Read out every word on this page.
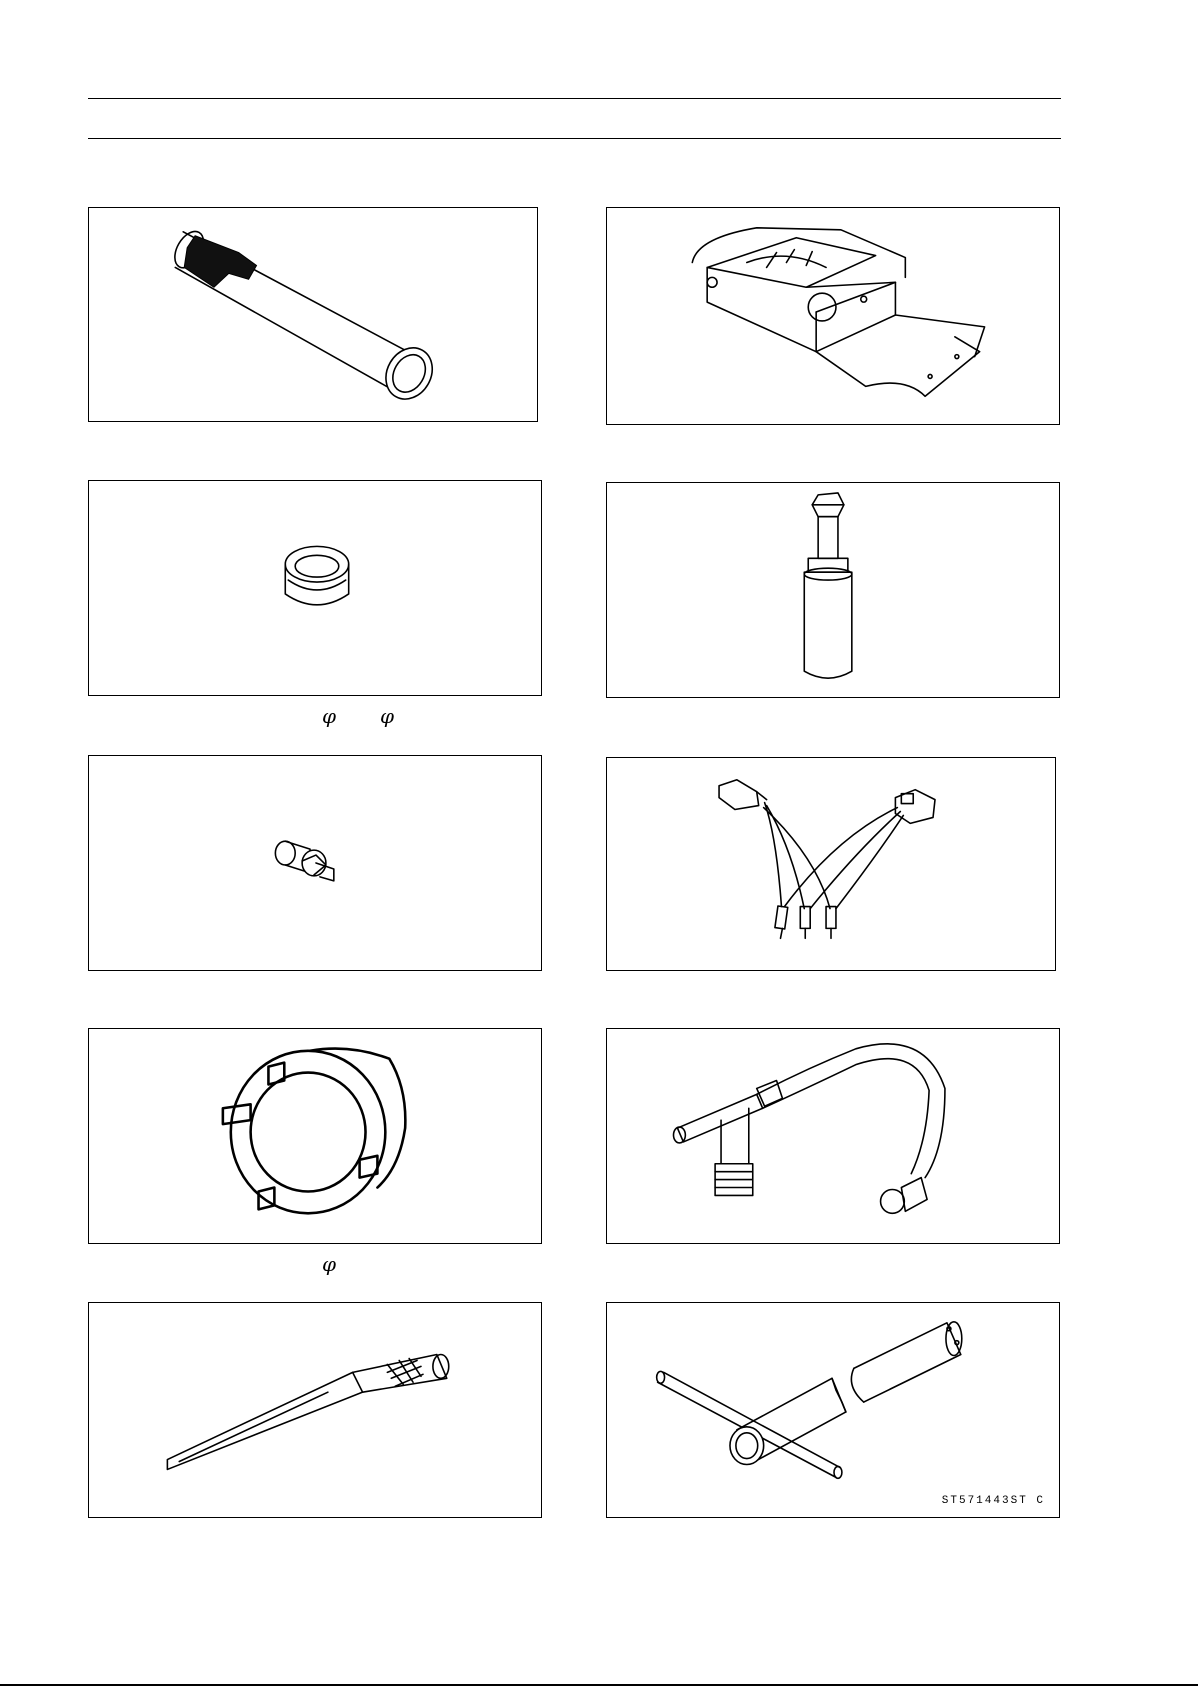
φ φ
φ
ST571443ST C
